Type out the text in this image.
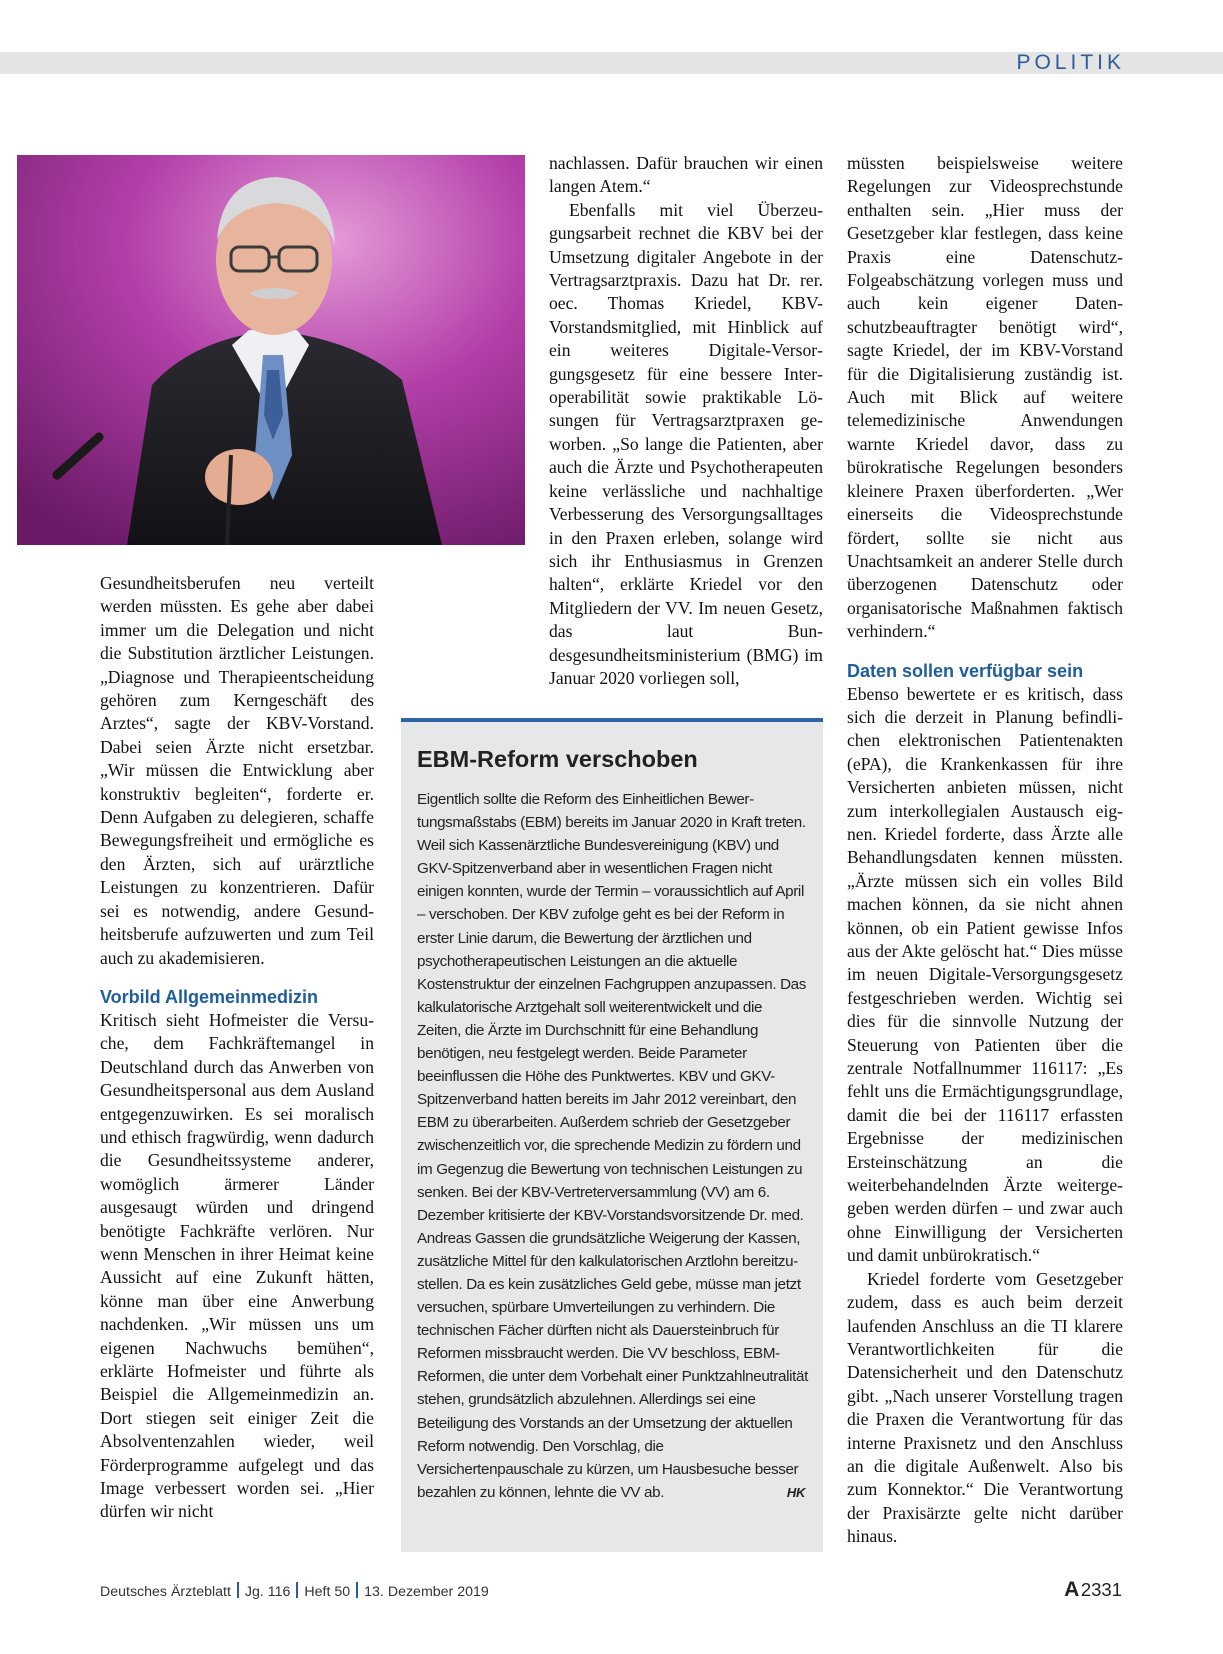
POLITIK

Gesundheitsberufen neu verteilt werden müssten. Es gehe aber dabei immer um die Delegation und nicht die Substitution ärztlicher Leistungen. „Diagnose und Therapieentscheidung gehören zum Kerngeschäft des Arztes“, sagte der KBV-Vorstand. Dabei seien Ärzte nicht ersetzbar. „Wir müssen die Entwicklung aber konstruktiv begleiten“, forderte er. Denn Aufgaben zu delegieren, schaffe Bewegungsfreiheit und ermögliche es den Ärzten, sich auf urärztliche Leistungen zu konzentrieren. Dafür sei es notwendig, andere Gesundheitsberufe aufzuwerten und zum Teil auch zu akademisieren.

Vorbild Allgemeinmedizin

Kritisch sieht Hofmeister die Versuche, dem Fachkräftemangel in Deutschland durch das Anwerben von Gesundheitspersonal aus dem Ausland entgegenzuwirken. Es sei moralisch und ethisch fragwürdig, wenn dadurch die Gesundheitssysteme anderer, womöglich ärmerer Länder ausgesaugt würden und dringend benötigte Fachkräfte verlören. Nur wenn Menschen in ihrer Heimat keine Aussicht auf eine Zukunft hätten, könne man über eine Anwerbung nachdenken. „Wir müssen uns um eigenen Nachwuchs bemühen“, erklärte Hofmeister und führte als Beispiel die Allgemeinmedizin an. Dort stiegen seit einiger Zeit die Absolventenzahlen wieder, weil Förderprogramme aufgelegt und das Image verbessert worden sei. „Hier dürfen wir nicht

nachlassen. Dafür brauchen wir einen langen Atem.“

Ebenfalls mit viel Überzeugungsarbeit rechnet die KBV bei der Umsetzung digitaler Angebote in der Vertragsarztpraxis. Dazu hat Dr. rer. oec. Thomas Kriedel, KBV-Vorstandsmitglied, mit Hinblick auf ein weiteres Digitale-Versorgungsgesetz für eine bessere Interoperabilität sowie praktikable Lösungen für Vertragsarztpraxen geworben. „So lange die Patienten, aber auch die Ärzte und Psychotherapeuten keine verlässliche und nachhaltige Verbesserung des Versorgungsalltages in den Praxen erleben, solange wird sich ihr Enthusiasmus in Grenzen halten“, erklärte Kriedel vor den Mitgliedern der VV. Im neuen Gesetz, das laut Bundesgesundheitsministerium (BMG) im Januar 2020 vorliegen soll,

müssten beispielsweise weitere Regelungen zur Videosprechstunde enthalten sein. „Hier muss der Gesetzgeber klar festlegen, dass keine Praxis eine Datenschutz-Folgeabschätzung vorlegen muss und auch kein eigener Datenschutzbeauftragter benötigt wird“, sagte Kriedel, der im KBV-Vorstand für die Digitalisierung zuständig ist. Auch mit Blick auf weitere telemedizinische Anwendungen warnte Kriedel davor, dass zu bürokratische Regelungen besonders kleinere Praxen überforderten. „Wer einerseits die Videosprechstunde fördert, sollte sie nicht aus Unachtsamkeit an anderer Stelle durch überzogenen Datenschutz oder organisatorische Maßnahmen faktisch verhindern.“

Daten sollen verfügbar sein

Ebenso bewertete er es kritisch, dass sich die derzeit in Planung befindlichen elektronischen Patientenakten (ePA), die Krankenkassen für ihre Versicherten anbieten müssen, nicht zum interkollegialen Austausch eignen. Kriedel forderte, dass Ärzte alle Behandlungsdaten kennen müssten. „Ärzte müssen sich ein volles Bild machen können, da sie nicht ahnen können, ob ein Patient gewisse Infos aus der Akte gelöscht hat.“ Dies müsse im neuen Digitale-Versorgungsgesetz festgeschrieben werden. Wichtig sei dies für die sinnvolle Nutzung der Steuerung von Patienten über die zentrale Notfallnummer 116117: „Es fehlt uns die Ermächtigungsgrundlage, damit die bei der 116117 erfassten Ergebnisse der medizinischen Ersteinschätzung an die weiterbehandelnden Ärzte weitergegeben werden dürfen – und zwar auch ohne Einwilligung der Versicherten und damit unbürokratisch.“

Kriedel forderte vom Gesetzgeber zudem, dass es auch beim derzeit laufenden Anschluss an die TI klarere Verantwortlichkeiten für die Datensicherheit und den Datenschutz gibt. „Nach unserer Vorstellung tragen die Praxen die Verantwortung für das interne Praxisnetz und den Anschluss an die digitale Außenwelt. Also bis zum Konnektor.“ Die Verantwortung der Praxisärzte gelte nicht darüber hinaus.

EBM-Reform verschoben

Eigentlich sollte die Reform des Einheitlichen Bewertungsmaßstabs (EBM) bereits im Januar 2020 in Kraft treten. Weil sich Kassenärztliche Bundesvereinigung (KBV) und GKV-Spitzenverband aber in wesentlichen Fragen nicht einigen konnten, wurde der Termin – voraussichtlich auf April – verschoben. Der KBV zufolge geht es bei der Reform in erster Linie darum, die Bewertung der ärztlichen und psychotherapeutischen Leistungen an die aktuelle Kostenstruktur der einzelnen Fachgruppen anzupassen. Das kalkulatorische Arztgehalt soll weiterentwickelt und die Zeiten, die Ärzte im Durchschnitt für eine Behandlung benötigen, neu festgelegt werden. Beide Parameter beeinflussen die Höhe des Punktwertes. KBV und GKV-Spitzenverband hatten bereits im Jahr 2012 vereinbart, den EBM zu überarbeiten. Außerdem schrieb der Gesetzgeber zwischenzeitlich vor, die sprechende Medizin zu fördern und im Gegenzug die Bewertung von technischen Leistungen zu senken. Bei der KBV-Vertreterversammlung (VV) am 6. Dezember kritisierte der KBV-Vorstandsvorsitzende Dr. med. Andreas Gassen die grundsätzliche Weigerung der Kassen, zusätzliche Mittel für den kalkulatorischen Arztlohn bereitzustellen. Da es kein zusätzliches Geld gebe, müsse man jetzt versuchen, spürbare Umverteilungen zu verhindern. Die technischen Fächer dürften nicht als Dauersteinbruch für Reformen missbraucht werden. Die VV beschloss, EBM-Reformen, die unter dem Vorbehalt einer Punktzahlneutralität stehen, grundsätzlich abzulehnen. Allerdings sei eine Beteiligung des Vorstands an der Umsetzung der aktuellen Reform notwendig. Den Vorschlag, die Versichertenpauschale zu kürzen, um Hausbesuche besser bezahlen zu können, lehnte die VV ab.	HK

Deutsches Ärzteblatt Jg. 116 Heft 50 13. Dezember 2019	A 2331
